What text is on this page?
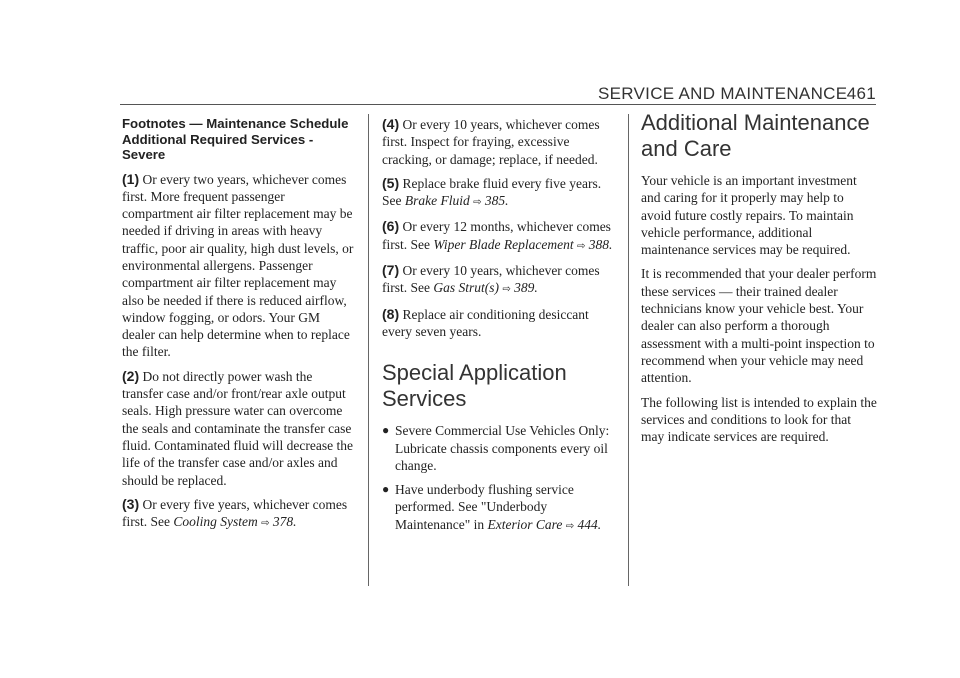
SERVICE AND MAINTENANCE 461
Footnotes — Maintenance Schedule Additional Required Services - Severe

(1) Or every two years, whichever comes first. More frequent passenger compartment air filter replacement may be needed if driving in areas with heavy traffic, poor air quality, high dust levels, or environmental allergens. Passenger compartment air filter replacement may also be needed if there is reduced airflow, window fogging, or odors. Your GM dealer can help determine when to replace the filter.

(2) Do not directly power wash the transfer case and/or front/rear axle output seals. High pressure water can overcome the seals and contaminate the transfer case fluid. Contaminated fluid will decrease the life of the transfer case and/or axles and should be replaced.

(3) Or every five years, whichever comes first. See Cooling System ⇨ 378.

(4) Or every 10 years, whichever comes first. Inspect for fraying, excessive cracking, or damage; replace, if needed.

(5) Replace brake fluid every five years. See Brake Fluid ⇨ 385.

(6) Or every 12 months, whichever comes first. See Wiper Blade Replacement ⇨ 388.

(7) Or every 10 years, whichever comes first. See Gas Strut(s) ⇨ 389.

(8) Replace air conditioning desiccant every seven years.

Special Application Services
● Severe Commercial Use Vehicles Only: Lubricate chassis components every oil change.
● Have underbody flushing service performed. See "Underbody Maintenance" in Exterior Care ⇨ 444.
Additional Maintenance and Care

Your vehicle is an important investment and caring for it properly may help to avoid future costly repairs. To maintain vehicle performance, additional maintenance services may be required.

It is recommended that your dealer perform these services — their trained dealer technicians know your vehicle best. Your dealer can also perform a thorough assessment with a multi-point inspection to recommend when your vehicle may need attention.

The following list is intended to explain the services and conditions to look for that may indicate services are required.
